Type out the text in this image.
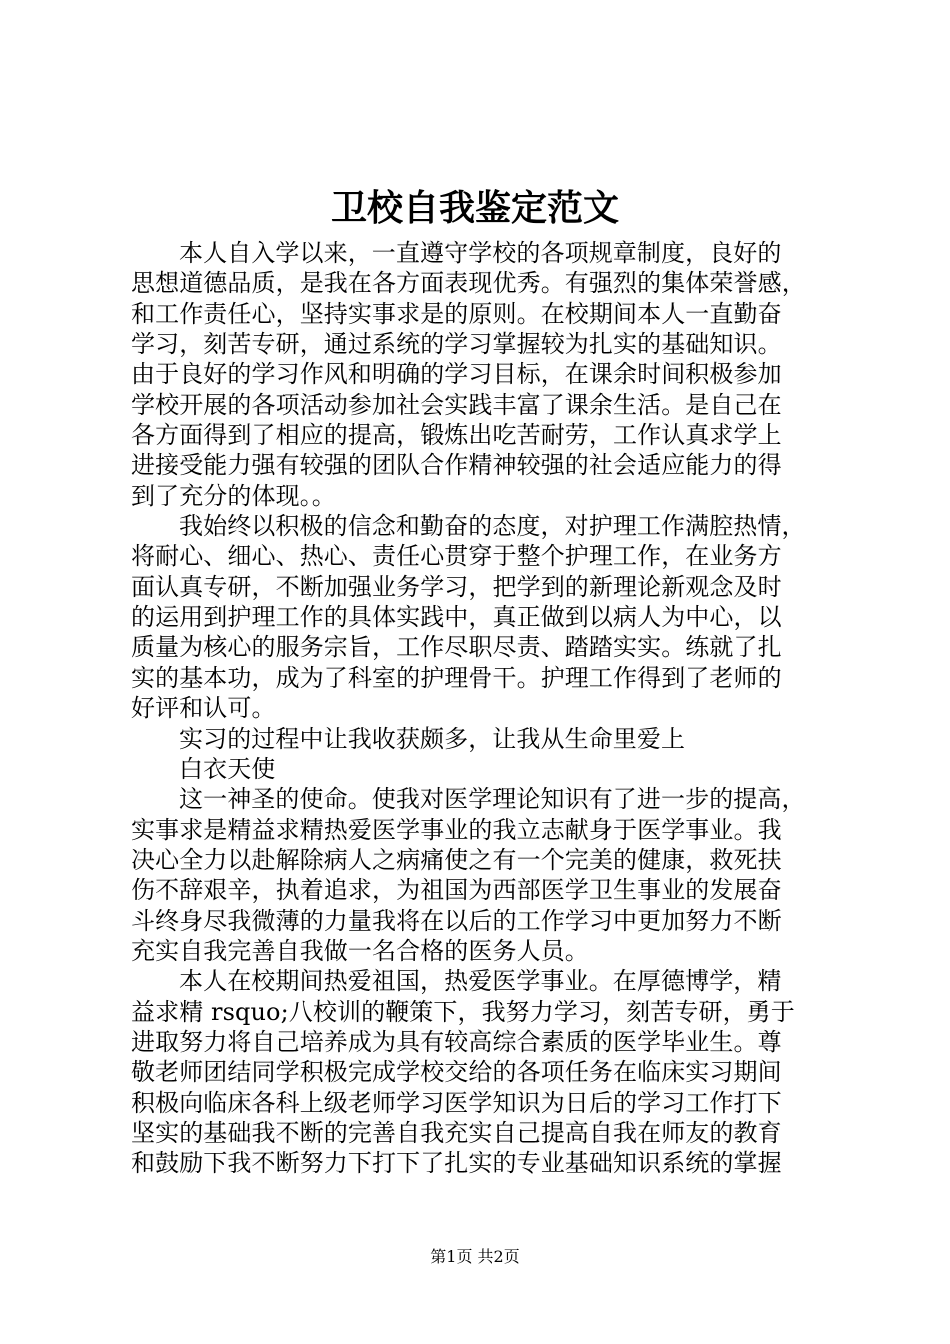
卫校自我鉴定范文
本人自入学以来，一直遵守学校的各项规章制度，良好的
思想道德品质，是我在各方面表现优秀。有强烈的集体荣誉感，
和工作责任心，坚持实事求是的原则。在校期间本人一直勤奋
学习，刻苦专研，通过系统的学习掌握较为扎实的基础知识。
由于良好的学习作风和明确的学习目标，在课余时间积极参加
学校开展的各项活动参加社会实践丰富了课余生活。是自己在
各方面得到了相应的提高，锻炼出吃苦耐劳，工作认真求学上
进接受能力强有较强的团队合作精神较强的社会适应能力的得
到了充分的体现。。
我始终以积极的信念和勤奋的态度，对护理工作满腔热情，
将耐心、细心、热心、责任心贯穿于整个护理工作，在业务方
面认真专研，不断加强业务学习，把学到的新理论新观念及时
的运用到护理工作的具体实践中，真正做到以病人为中心，以
质量为核心的服务宗旨，工作尽职尽责、踏踏实实。练就了扎
实的基本功，成为了科室的护理骨干。护理工作得到了老师的
好评和认可。
实习的过程中让我收获颇多，让我从生命里爱上
白衣天使
这一神圣的使命。使我对医学理论知识有了进一步的提高，
实事求是精益求精热爱医学事业的我立志献身于医学事业。我
决心全力以赴解除病人之病痛使之有一个完美的健康，救死扶
伤不辞艰辛，执着追求，为祖国为西部医学卫生事业的发展奋
斗终身尽我微薄的力量我将在以后的工作学习中更加努力不断
充实自我完善自我做一名合格的医务人员。
本人在校期间热爱祖国，热爱医学事业。在厚德博学，精
益求精 rsquo;八校训的鞭策下，我努力学习，刻苦专研，勇于
进取努力将自己培养成为具有较高综合素质的医学毕业生。尊
敬老师团结同学积极完成学校交给的各项任务在临床实习期间
积极向临床各科上级老师学习医学知识为日后的学习工作打下
坚实的基础我不断的完善自我充实自己提高自我在师友的教育
和鼓励下我不断努力下打下了扎实的专业基础知识系统的掌握
第1页 共2页
